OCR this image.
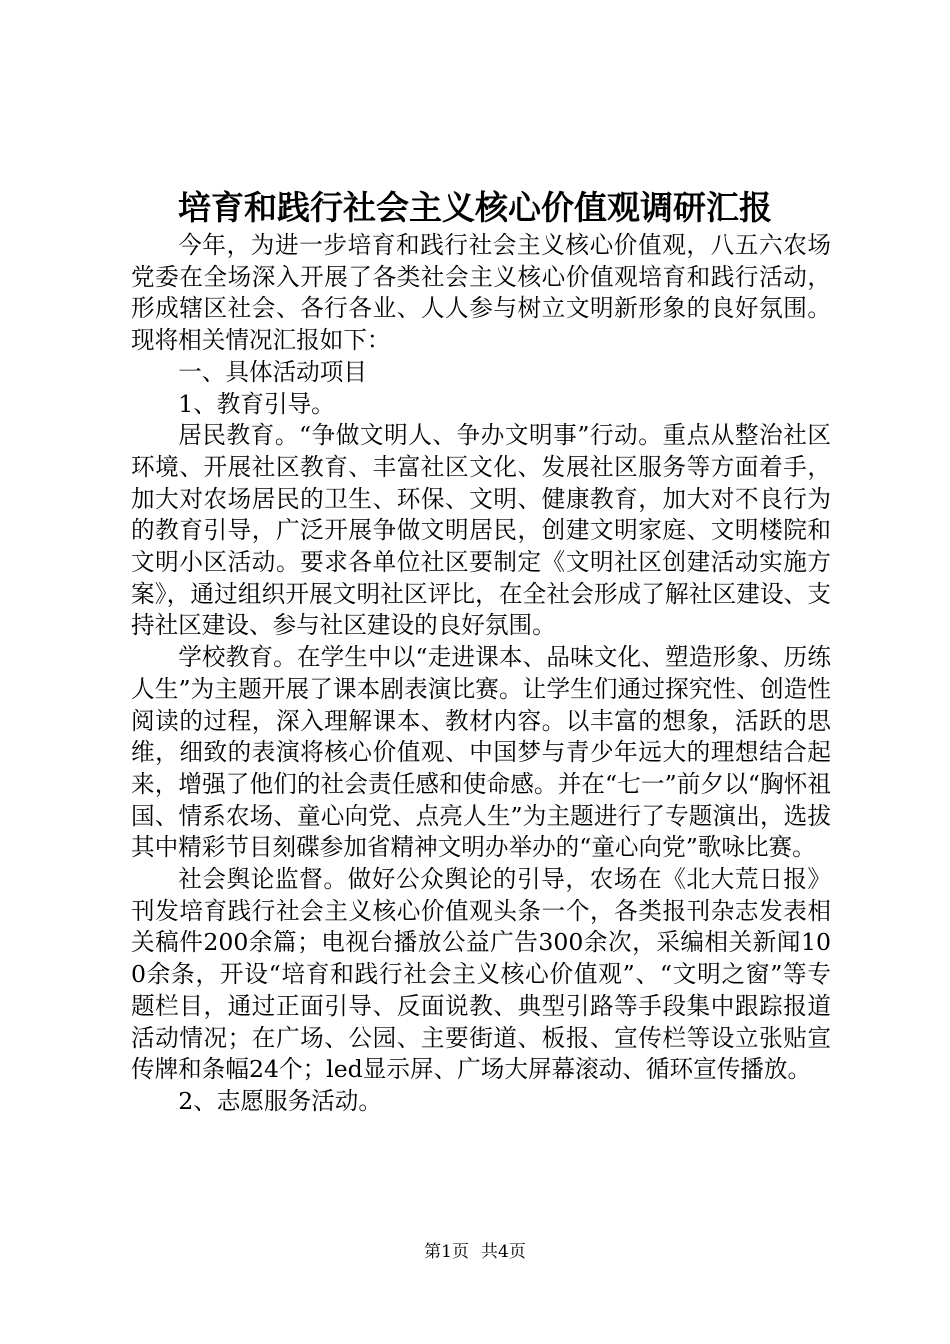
培育和践行社会主义核心价值观调研汇报

今年，为进一步培育和践行社会主义核心价值观，八五六农场党委在全场深入开展了各类社会主义核心价值观培育和践行活动，形成辖区社会、各行各业、人人参与树立文明新形象的良好氛围。现将相关情况汇报如下：

一、具体活动项目

1、教育引导。

居民教育。“争做文明人、争办文明事”行动。重点从整治社区环境、开展社区教育、丰富社区文化、发展社区服务等方面着手，加大对农场居民的卫生、环保、文明、健康教育，加大对不良行为的教育引导，广泛开展争做文明居民，创建文明家庭、文明楼院和文明小区活动。要求各单位社区要制定《文明社区创建活动实施方案》，通过组织开展文明社区评比，在全社会形成了解社区建设、支持社区建设、参与社区建设的良好氛围。

学校教育。在学生中以“走进课本、品味文化、塑造形象、历练人生”为主题开展了课本剧表演比赛。让学生们通过探究性、创造性阅读的过程，深入理解课本、教材内容。以丰富的想象，活跃的思维，细致的表演将核心价值观、中国梦与青少年远大的理想结合起来，增强了他们的社会责任感和使命感。并在“七一”前夕以“胸怀祖国、情系农场、童心向党、点亮人生”为主题进行了专题演出，选拔其中精彩节目刻碟参加省精神文明办举办的“童心向党”歌咏比赛。

社会舆论监督。做好公众舆论的引导，农场在《北大荒日报》刊发培育践行社会主义核心价值观头条一个，各类报刊杂志发表相关稿件200余篇；电视台播放公益广告300余次，采编相关新闻100余条，开设“培育和践行社会主义核心价值观”、“文明之窗”等专题栏目，通过正面引导、反面说教、典型引路等手段集中跟踪报道活动情况；在广场、公园、主要街道、板报、宣传栏等设立张贴宣传牌和条幅24个；led显示屏、广场大屏幕滚动、循环宣传播放。

2、志愿服务活动。

第1页 共4页
